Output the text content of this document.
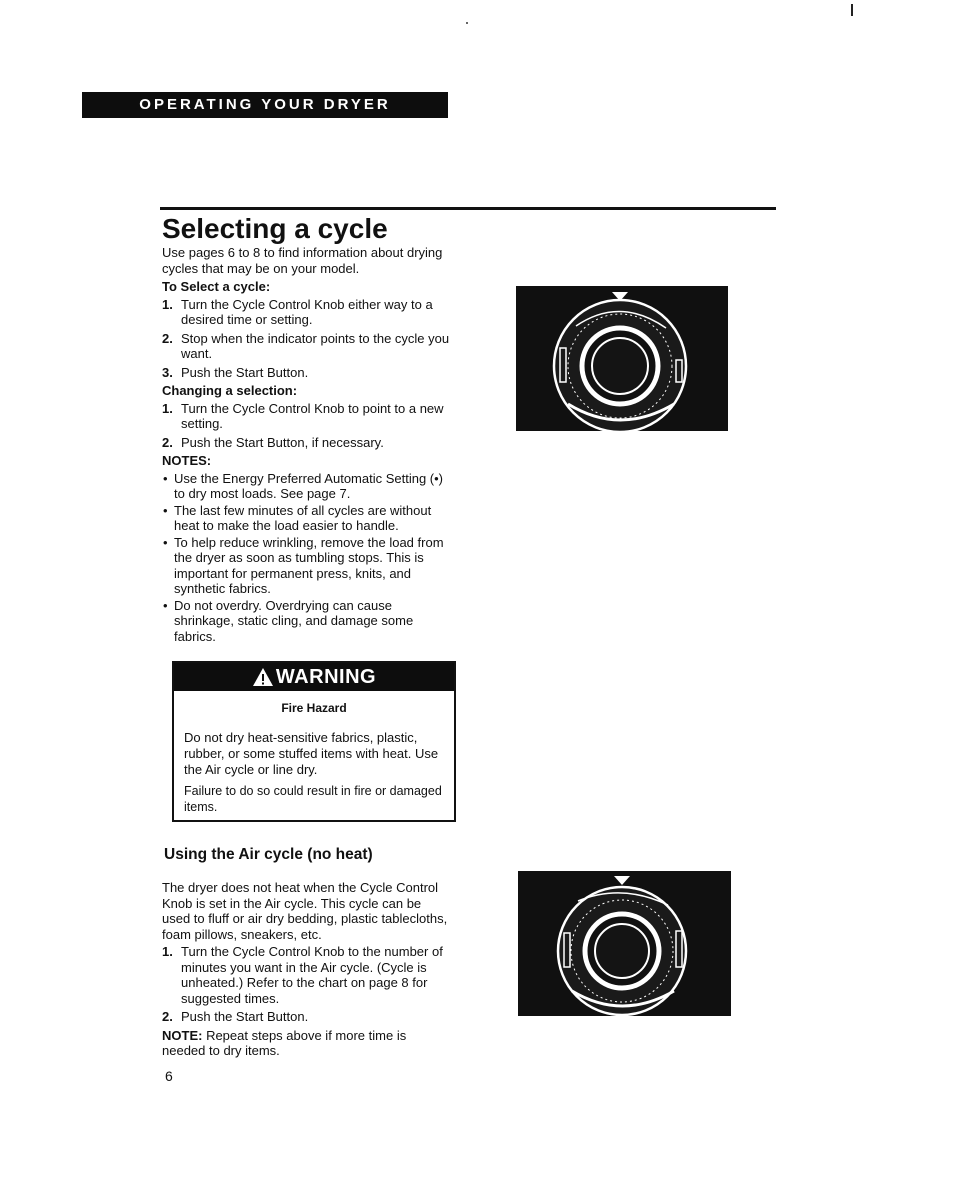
OPERATING YOUR DRYER
Selecting a cycle

Use pages 6 to 8 to find information about drying cycles that may be on your model.

To Select a cycle:

1. Turn the Cycle Control Knob either way to a desired time or setting.
2. Stop when the indicator points to the cycle you want.
3. Push the Start Button.

Changing a selection:

1. Turn the Cycle Control Knob to point to a new setting.
2. Push the Start Button, if necessary.

NOTES:

• Use the Energy Preferred Automatic Setting (•) to dry most loads. See page 7.
• The last few minutes of all cycles are without heat to make the load easier to handle.
• To help reduce wrinkling, remove the load from the dryer as soon as tumbling stops. This is important for permanent press, knits, and synthetic fabrics.
• Do not overdry. Overdrying can cause shrinkage, static cling, and damage some fabrics.
WARNING
Fire Hazard

Do not dry heat-sensitive fabrics, plastic, rubber, or some stuffed items with heat. Use the Air cycle or line dry.

Failure to do so could result in fire or damaged items.

Using the Air cycle (no heat)

The dryer does not heat when the Cycle Control Knob is set in the Air cycle. This cycle can be used to fluff or air dry bedding, plastic tablecloths, foam pillows, sneakers, etc.

1. Turn the Cycle Control Knob to the number of minutes you want in the Air cycle. (Cycle is unheated.) Refer to the chart on page 8 for suggested times.
2. Push the Start Button.

NOTE: Repeat steps above if more time is needed to dry items.

6
